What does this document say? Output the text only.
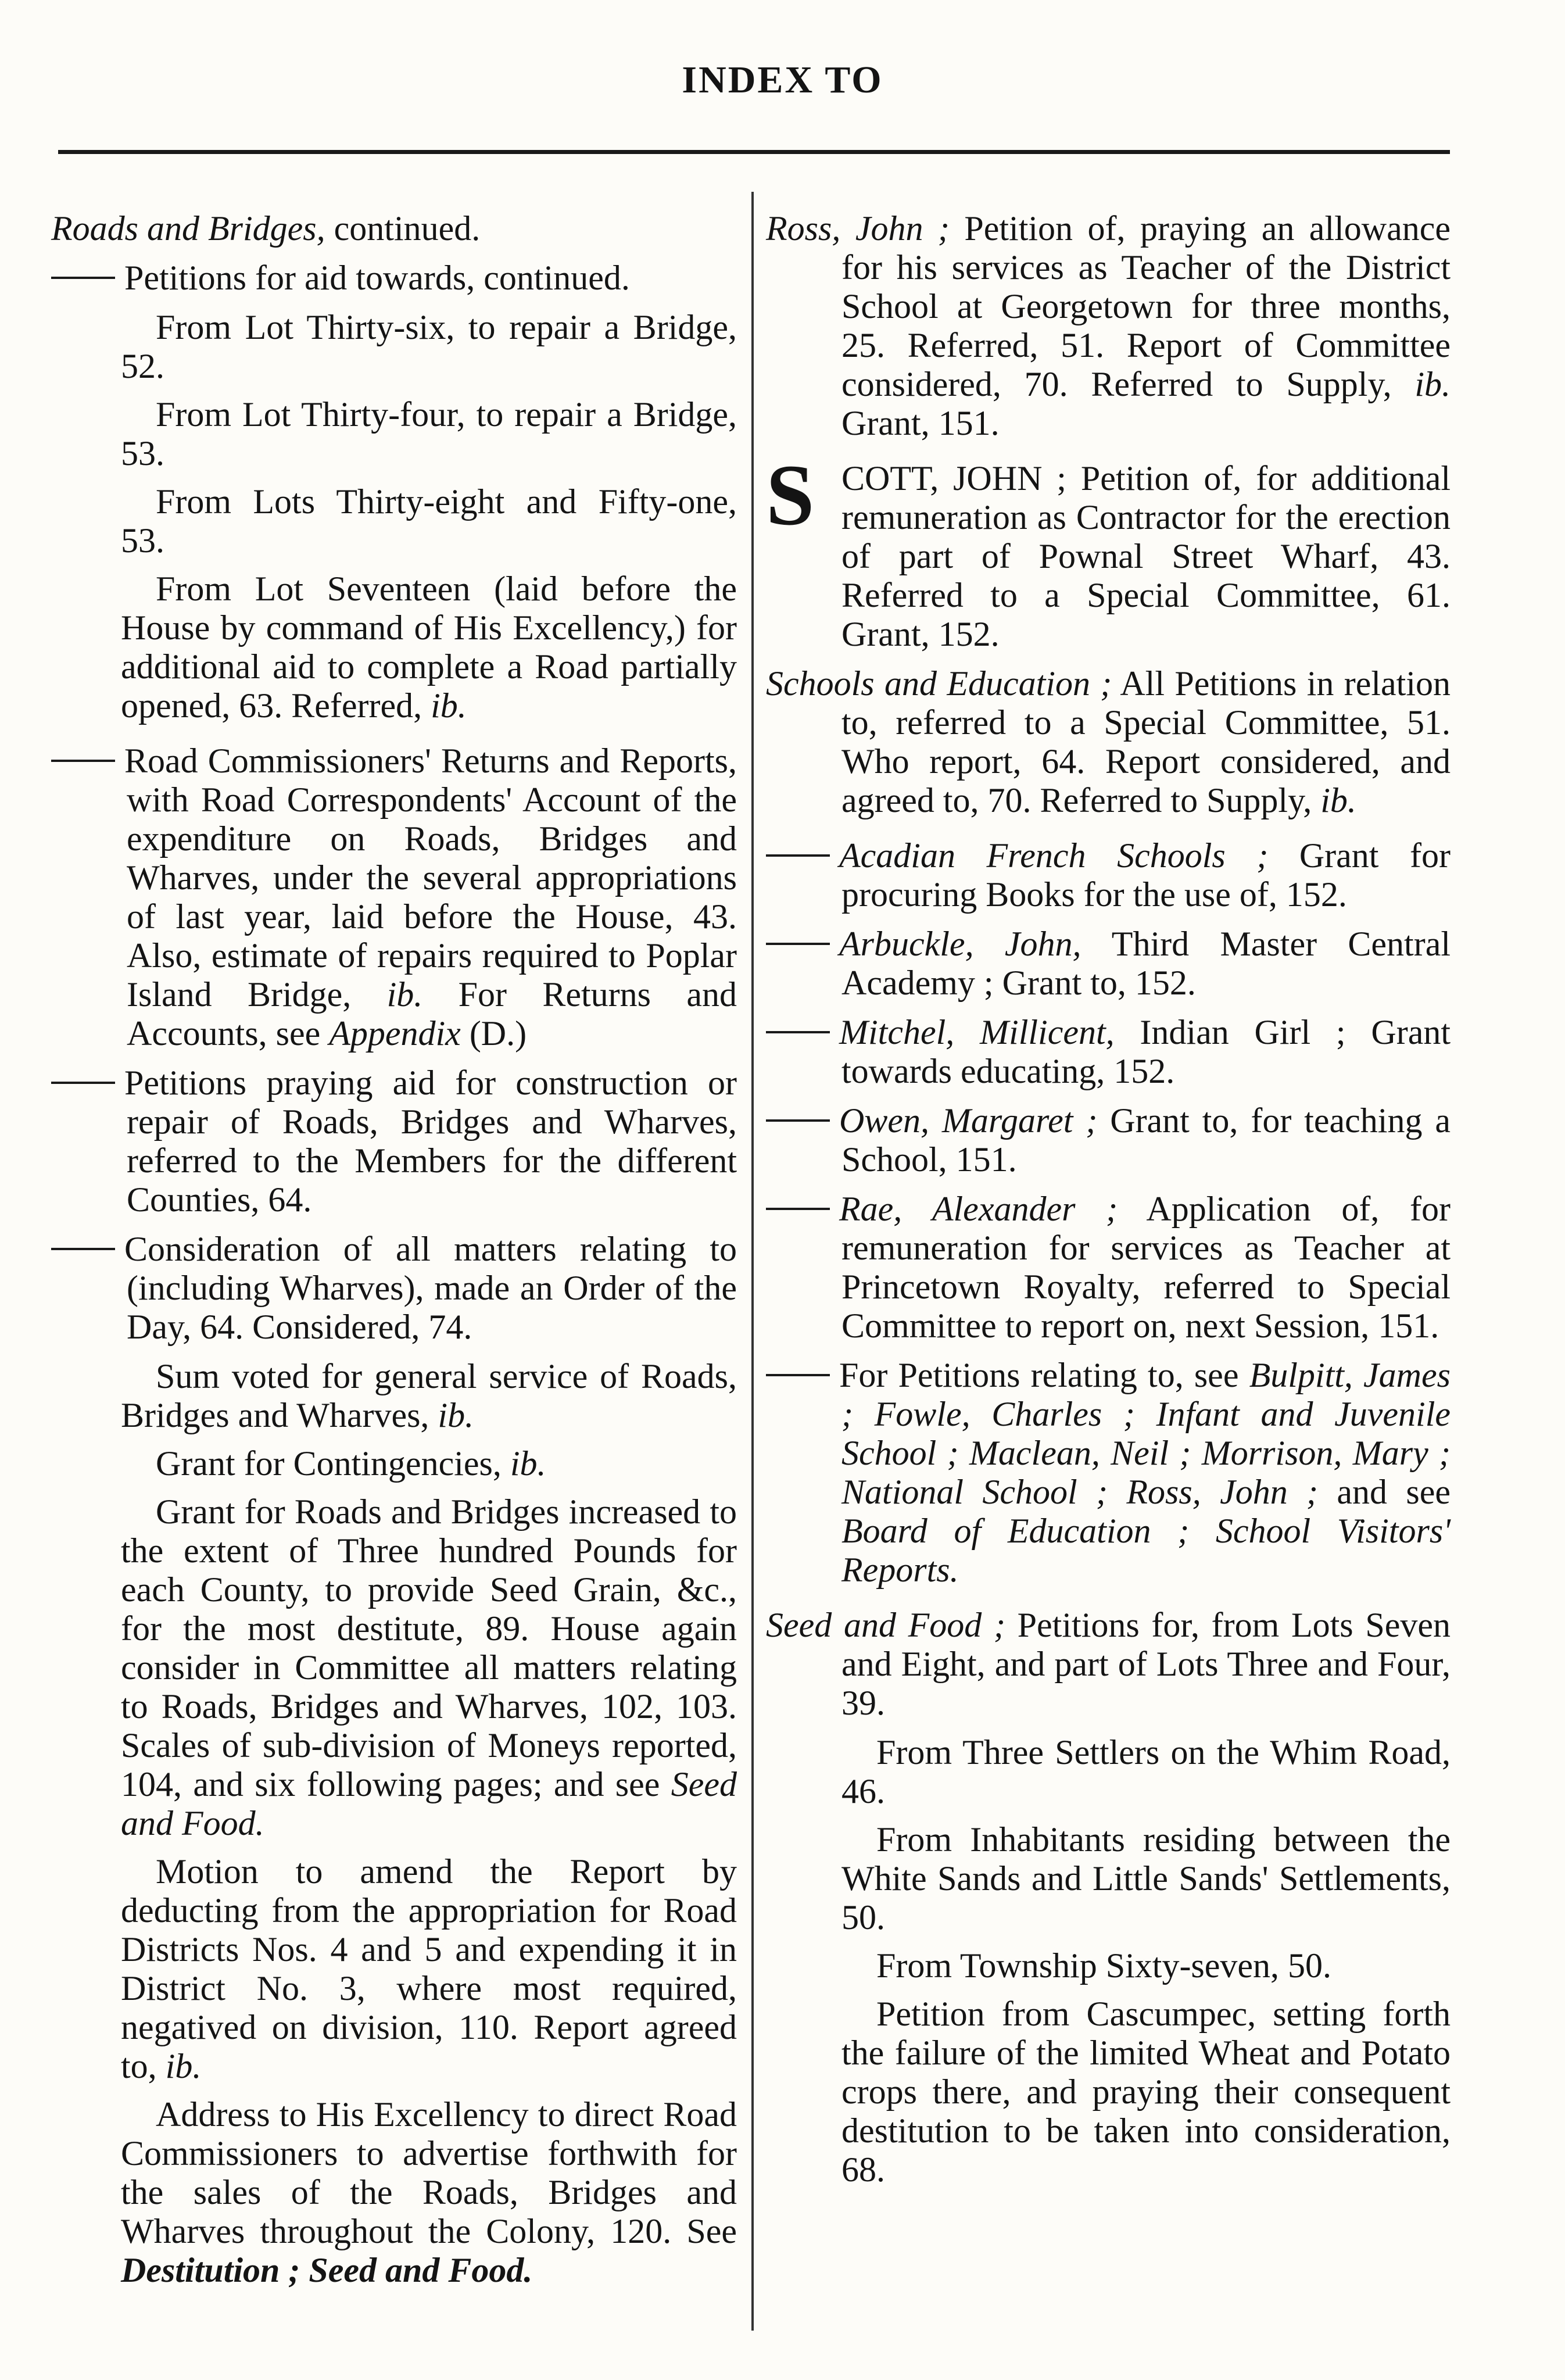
INDEX TO
Roads and Bridges, continued.
Petitions for aid towards, continued.
From Lot Thirty-six, to repair a Bridge, 52.
From Lot Thirty-four, to repair a Bridge, 53.
From Lots Thirty-eight and Fifty-one, 53.
From Lot Seventeen (laid before the House by command of His Excellency,) for additional aid to complete a Road partially opened, 63. Referred, ib.
Road Commissioners' Returns and Reports, with Road Correspondents' Account of the expenditure on Roads, Bridges and Wharves, under the several appropriations of last year, laid before the House, 43. Also, estimate of repairs required to Poplar Island Bridge, ib. For Returns and Accounts, see Appendix (D.)
Petitions praying aid for construction or repair of Roads, Bridges and Wharves, referred to the Members for the different Counties, 64.
Consideration of all matters relating to (including Wharves), made an Order of the Day, 64. Considered, 74.
Sum voted for general service of Roads, Bridges and Wharves, ib.
Grant for Contingencies, ib.
Grant for Roads and Bridges increased to the extent of Three hundred Pounds for each County, to provide Seed Grain, &c., for the most destitute, 89. House again consider in Committee all matters relating to Roads, Bridges and Wharves, 102, 103. Scales of sub-division of Moneys reported, 104, and six following pages; and see Seed and Food.
Motion to amend the Report by deducting from the appropriation for Road Districts Nos. 4 and 5 and expending it in District No. 3, where most required, negatived on division, 110. Report agreed to, ib.
Address to His Excellency to direct Road Commissioners to advertise forthwith for the sales of the Roads, Bridges and Wharves throughout the Colony, 120. See Destitution ; Seed and Food.
Ross, John ; Petition of, praying an allowance for his services as Teacher of the District School at Georgetown for three months, 25. Referred, 51. Report of Committee considered, 70. Referred to Supply, ib. Grant, 151.
SCOTT, JOHN ; Petition of, for additional remuneration as Contractor for the erection of part of Pownal Street Wharf, 43. Referred to a Special Committee, 61. Grant, 152.
Schools and Education ; All Petitions in relation to, referred to a Special Committee, 51. Who report, 64. Report considered, and agreed to, 70. Referred to Supply, ib.
Acadian French Schools ; Grant for procuring Books for the use of, 152.
Arbuckle, John, Third Master Central Academy ; Grant to, 152.
Mitchel, Millicent, Indian Girl ; Grant towards educating, 152.
Owen, Margaret ; Grant to, for teaching a School, 151.
Rae, Alexander ; Application of, for remuneration for services as Teacher at Princetown Royalty, referred to Special Committee to report on, next Session, 151.
For Petitions relating to, see Bulpitt, James ; Fowle, Charles ; Infant and Juvenile School ; Maclean, Neil ; Morrison, Mary ; National School ; Ross, John ; and see Board of Education ; School Visitors' Reports.
Seed and Food ; Petitions for, from Lots Seven and Eight, and part of Lots Three and Four, 39.
From Three Settlers on the Whim Road, 46.
From Inhabitants residing between the White Sands and Little Sands' Settlements, 50.
From Township Sixty-seven, 50.
Petition from Cascumpec, setting forth the failure of the limited Wheat and Potato crops there, and praying their consequent destitution to be taken into consideration, 68.
